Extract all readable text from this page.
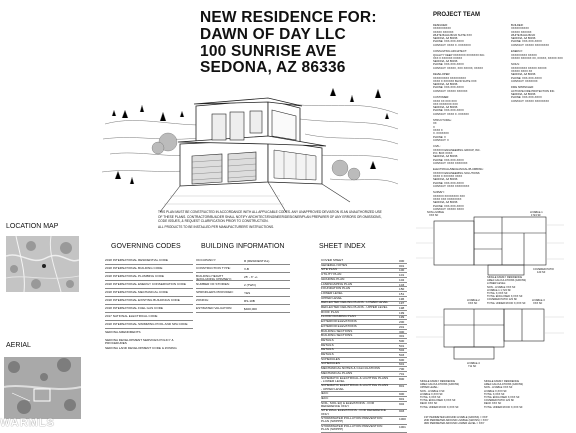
NEW RESIDENCE FOR:
DAWN OF DAY LLC
100 SUNRISE AVE
SEDONA, AZ 86336
THIS PLAN MUST BE CONSTRUCTED IN ACCORDANCE WITH ALL APPLICABLE CODES. ANY UNAPPROVED DEVIATION IS AN UNAUTHORIZED USE OF THESE PLANS. CONTRACTOR/BUILDER SHALL NOTIFY ARCHITECT/ENGINEER/DESIGNER/PLAN PREPARER OF ANY ERRORS OR OMISSIONS, CODE ISSUES, & REQUEST CLARIFICATION PRIOR TO CONSTRUCTION.
ALL PRODUCTS TO BE INSTALLED PER MANUFACTURERS' INSTRUCTIONS.
PROJECT TEAM
DESIGNER:
XXXXXXXXXX
XXXXX XXXXXX
WHITE BAHA BLVD SUITE XXX
SEDONA, AZ 86336
PHONE: XXX-XXX-XXXX
CONTACT: XXXX X. XXXXXXX
CONSULTING ARCHITECT:
QUALITY KEEP XXXXXXX XXXXXXX INC.
XXX X XXXXXX XXXXX
SEDONA, AZ 86336
PHONE: XXX-XXX-XXXX
CONTACT: XXXXX, XXX XXXXX, XXXXX
DEVELOPER:
XXXXXXXXX XXXXXXXXX
XXXX X XXXXXX BLVD SUITE XXX
SEDONA, AZ 86336
PHONE: XXX-XXX-XXXX
CONTACT: XXXXX XXXXXX
CUSTOMER:
XXXX XX XXX XXX
XXX XXXXXXX XXX
SEDONA, AZ 86336
PHONE: XXX-XXX-XXXX
CONTACT: XXXX X. XXXXXX
STRUCTURAL:
XX
X
XXXX X
X. XXXXXXX
PHONE: X
CONTACT: X
CIVIL:
XXXXXX ENGINEERING GROUP, INC.
P.O. BOX XXXX
SEDONA, AZ 86336
PHONE: XXX-XXX-XXXX
CONTACT: XXXX XXXXXXX
ELECTRICAL/MECHANICAL/PLUMBING:
XXXXXX ENGINEERING SOLUTIONS
XXXX X XXXXXX XXXX
SEDONA, AZ 86336
PHONE: XXX-XXX-XXXX
CONTACT: XXXX XXXXXXXX
SURVEY:
XXXXXX XXXXXXXX XXX
XXXX XXX XXXXXXXX
SEDONA, AZ 86336
PHONE: XXX-XXX-XXXX
CONTACT: XXXXX XXXX
BUILDER:
XXXXXXXXXX
XXXXX XXXXXX
WHITE BAHA BLVD
SEDONA, AZ 86336
PHONE: XXX-XXX-XXXX
CONTACT: XXXXX XXXXXXXX
ENERGY:
XXXXXXXXX XXXXX
XXXXX XXXXXX XX, XXXXX, XXXXX XXX
SOILS:
XXXXXXXXX XXXXX XXXXX
XXXXX XXXX XX
SEDONA, AZ 86336
PHONE: XXX-XXX-XXXX
CONTACT: XXXXXXX
FIRE SPRINKLER:
ACTIVATE FIRE PROTECTION INC.
SEDONA, AZ 86336
PHONE: XXX-XXX-XXXX
CONTACT: XXXXX XXXXXXXX
LOCATION MAP
AERIAL
WARMLS
GOVERNING CODES
2018 INTERNATIONAL RESIDENTIAL CODE
2018 INTERNATIONAL BUILDING CODE
2018 INTERNATIONAL PLUMBING CODE
2018 INTERNATIONAL ENERGY CONSERVATION CODE
2018 INTERNATIONAL MECHANICAL CODE
2018 INTERNATIONAL EXISTING BUILDINGS CODE
2018 INTERNATIONAL FUEL GAS CODE
2017 NATIONAL ELECTRICAL CODE
2018 INTERNATIONAL SWIMMING POOL AND SPA CODE
SEDONA AMENDMENTS
SEDONA DEVELOPMENT SERVICES POLICY & PROCEDURES
SEDONA LAND DEVELOPMENT CODE & ZONING
BUILDING INFORMATION
OCCUPANCY:	R (RESIDENTIAL)
CONSTRUCTION TYPE:	V-B
BUILDING HEIGHT (EXCLUDING CHIMNEY):
25' - 3" +/-
NUMBER OF STORIES:	2 (TWO)
SPRINKLERS PROVIDED:	YES
ZONING:	RS-10B
ESTIMATED VALUATION:	$400,000
SHEET INDEX
COVER SHEET	000
GENERAL NOTES	001
SITE PLAN	100
UTILITY PLAN	101
GRADING PLAN	102
LANDSCAPING PLAN	103
FOUNDATION PLAN	150
LOWER LEVEL	151
UPPER LEVEL	196
REFLECTED CEILING PLANS - LOWER LEVEL	197
REFLECTED CEILING PLANS - UPPER LEVEL	198
ROOF PLAN	199
FLOOR FRAMING PLAN	199
EXTERIOR ELEVATIONS	200
EXTERIOR ELEVATIONS	201
BUILDING SECTIONS	300
BUILDING SECTIONS	301
DETAILS	500
DETAILS	501
DETAILS	502
DETAILS	503
SCHEDULES	600
SCHEDULES	601
MECHANICAL NOTES & CALCULATIONS	700
MECHANICAL PLANS	701
SCHEMATIC ELECTRICAL & LIGHTING PLANS - LOWER LEVEL
800
SCHEMATIC ELECTRICAL & LIGHTING PLANS - UPPER LEVEL
801
IECC	900
IECC	901
SOIL, SOIL EQ & ELEVATIONS - FOR REFERENCE ONLY
902
SITE WALL ELEVATIONS - FOR REFERENCE ONLY
903
STORMWATER POLLUTION PREVENTION PLAN (SWPPP)
1000
STORMWATER POLLUTION PREVENTION PLAN (SWPPP)
1001
NON-LIVABLE
XXX SF
LIVABLE-1
1724 SF
COVERED PATIO
123 SF
LIVABLE-2
XXX SF
LIVABLE-3
XXX SF
LIVABLE-4
711 SF
SINGLE FAMILY RESIDENCE
AREA CALCULATIONS (GROSS)
LOWER LEVEL:
NON - LIVABLE XXX SF
LIVABLE-1 1,724 SF
TOTAL X,XXX SF
TOTAL ENCLOSED X,XXX SF
COVERED PATIO 123 SF
TOTAL UNDER ROOF X,XXX SF
SINGLE FAMILY RESIDENCE
AREA CALCULATIONS (GROSS)
UPPER LEVEL:
NON - LIVABLE 0 SF
LIVABLE X,XXX SF
TOTAL X,XXX SF
TOTAL ENCLOSED X,XXX SF
DECK XXX SF
TOTAL UNDER ROOF X,XXX SF
SINGLE FAMILY RESIDENCE
AREA CALCULATIONS (GROSS)
NON - LIVABLE XXX SF
LIVABLE X,XXX SF
TOTAL X,XXX SF
TOTAL ENCLOSED X,XXX SF
COVERED PATIO 123 SF
DECK XXX SF
TOTAL UNDER ROOF X,XXX SF
1ST PERIMETER AROUND LIVABLE (GROSS) = XXX'
2ND PERIMETER AROUND LIVABLE (GROSS) = XXX'
3RD PERIMETER AROUND LOWER LEVEL = XXX'
